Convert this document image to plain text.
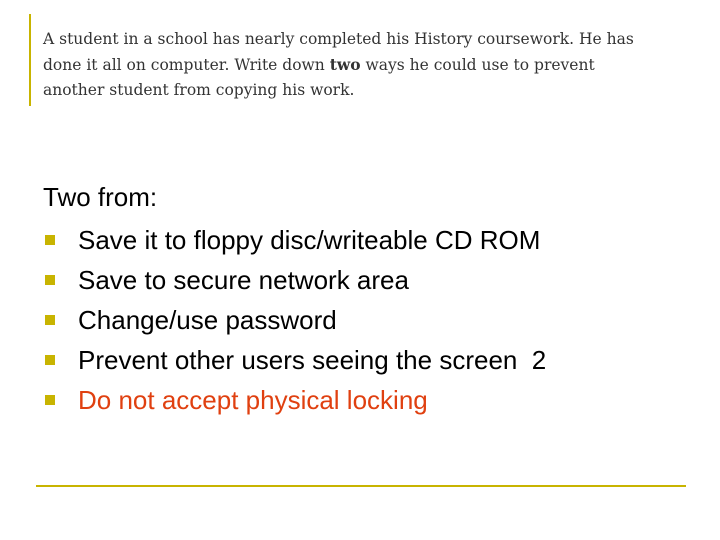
A student in a school has nearly completed his History coursework. He has
done it all on computer. Write down two ways he could use to prevent
another student from copying his work.

Two from:

Save it to floppy disc/writeable CD ROM
Save to secure network area
Change/use password
Prevent other users seeing the screen  2
Do not accept physical locking
